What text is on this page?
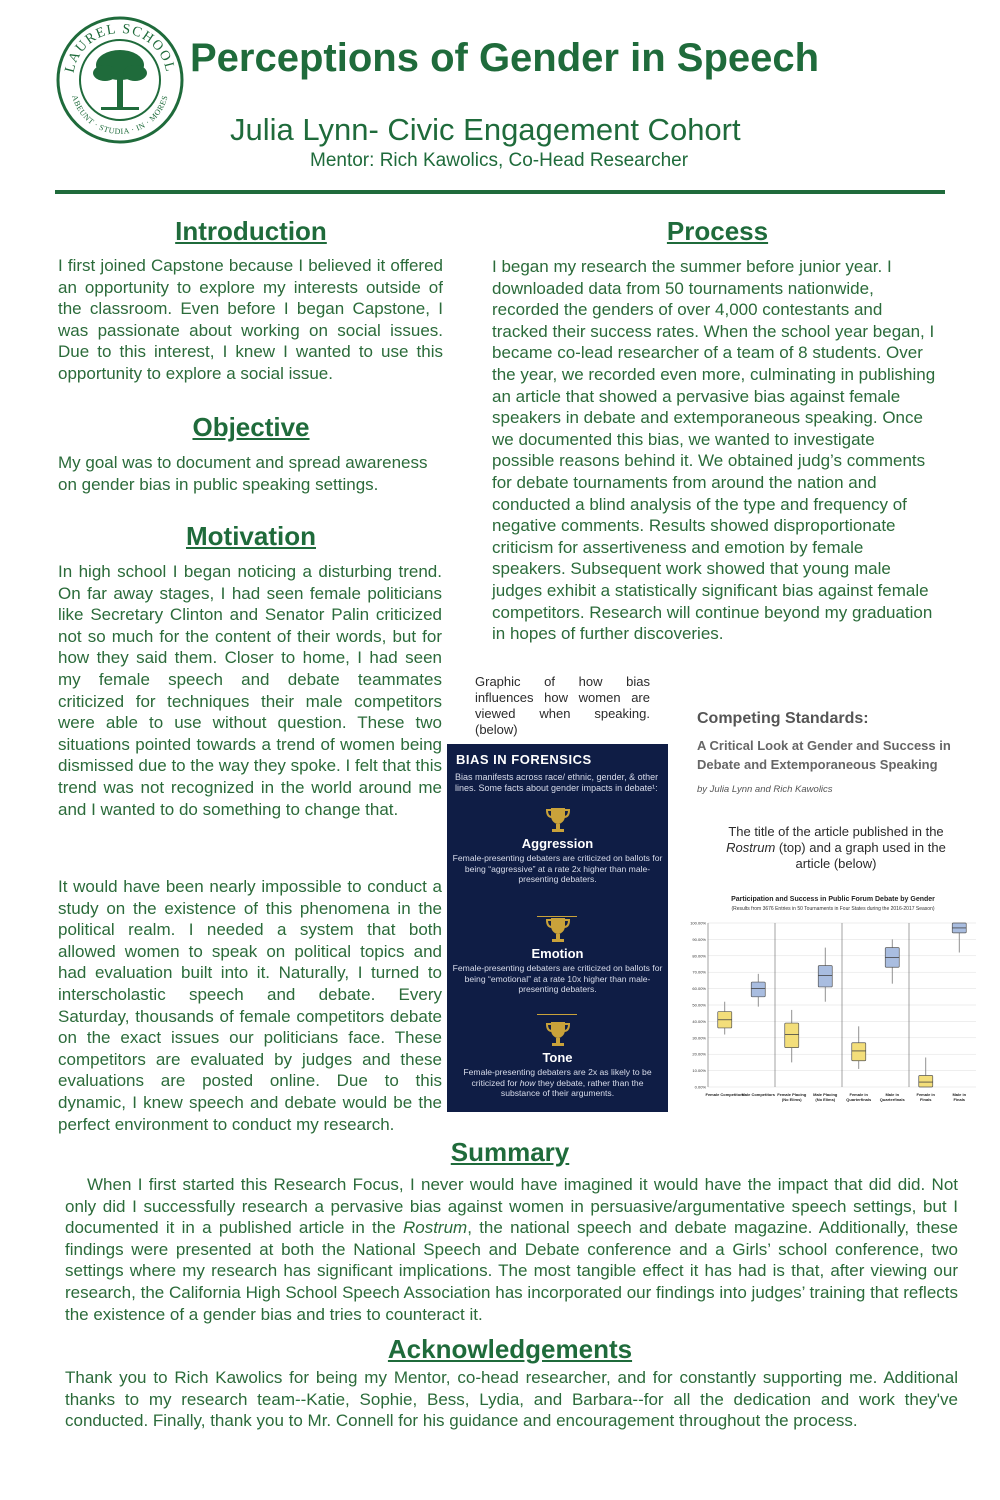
LAUREL SCHOOL
ABEUNT · STUDIA · IN · MORES
Perceptions of Gender in Speech
Julia Lynn- Civic Engagement Cohort
Mentor: Rich Kawolics, Co-Head Researcher
Introduction
I first joined Capstone because I believed it offered an opportunity to explore my interests outside of the classroom. Even before I began Capstone, I was passionate about working on social issues. Due to this interest, I knew I wanted to use this opportunity to explore a social issue.
Objective
My goal was to document and spread awareness on gender bias in public speaking settings.
Motivation
In high school I began noticing a disturbing trend. On far away stages, I had seen female politicians like Secretary Clinton and Senator Palin criticized not so much for the content of their words, but for how they said them. Closer to home, I had seen my female speech and debate teammates criticized for techniques their male competitors were able to use without question. These two situations pointed towards a trend of women being dismissed due to the way they spoke. I felt that this trend was not recognized in the world around me and I wanted to do something to change that.
It would have been nearly impossible to conduct a study on the existence of this phenomena in the political realm. I needed a system that both allowed women to speak on political topics and had evaluation built into it. Naturally, I turned to interscholastic speech and debate. Every Saturday, thousands of female competitors debate on the exact issues our politicians face. These competitors are evaluated by judges and these evaluations are posted online. Due to this dynamic, I knew speech and debate would be the perfect environment to conduct my research.
Process
I began my research the summer before junior year. I downloaded data from 50 tournaments nationwide, recorded the genders of over 4,000 contestants and tracked their success rates. When the school year began, I became co-lead researcher of a team of 8 students. Over the year, we recorded even more, culminating in publishing an article that showed a pervasive bias against female speakers in debate and extemporaneous speaking. Once we documented this bias, we wanted to investigate possible reasons behind it. We obtained judg’s comments for debate tournaments from around the nation and conducted a blind analysis of the type and frequency of negative comments. Results showed disproportionate criticism for assertiveness and emotion by female speakers. Subsequent work showed that young male judges exhibit a statistically significant bias against female competitors. Research will continue beyond my graduation in hopes of further discoveries.
Graphic of how bias influences how women are viewed when speaking. (below)
BIAS IN FORENSICS
Bias manifests across race/ ethnic, gender, & other lines. Some facts about gender impacts in debate¹:
Aggression
Female-presenting debaters are criticized on ballots for being “aggressive” at a rate 2x higher than male-presenting debaters.
Emotion
Female-presenting debaters are criticized on ballots for being “emotional” at a rate 10x higher than male-presenting debaters.
Tone
Female-presenting debaters are 2x as likely to be criticized for how they debate, rather than the substance of their arguments.
Competing Standards:
A Critical Look at Gender and Success in Debate and Extemporaneous Speaking
by Julia Lynn and Rich Kawolics
The title of the article published in the Rostrum (top) and a graph used in the article (below)
Participation and Success in Public Forum Debate by Gender
(Results from 3676 Entries in 50 Tournaments in Four States during the 2016-2017 Season)
0.00%
10.00%
20.00%
30.00%
40.00%
50.00%
60.00%
70.00%
80.00%
90.00%
100.00%
Female Competitors
Male Competitors Female Placing
(No Elims)
Male Placing
(No Elims)
Female in
Quarterfinals
Male in
Quarterfinals
Female in
Finals
Male in
Finals
Summary
When I first started this Research Focus, I never would have imagined it would have the impact that did did. Not only did I successfully research a pervasive bias against women in persuasive/argumentative speech settings, but I documented it in a published article in the Rostrum, the national speech and debate magazine. Additionally, these findings were presented at both the National Speech and Debate conference and a Girls’ school conference, two settings where my research has significant implications. The most tangible effect it has had is that, after viewing our research, the California High School Speech Association has incorporated our findings into judges’ training that reflects the existence of a gender bias and tries to counteract it.
Acknowledgements
Thank you to Rich Kawolics for being my Mentor, co-head researcher, and for constantly supporting me. Additional thanks to my research team--Katie, Sophie, Bess, Lydia, and Barbara--for all the dedication and work they've conducted. Finally, thank you to Mr. Connell for his guidance and encouragement throughout the process.
